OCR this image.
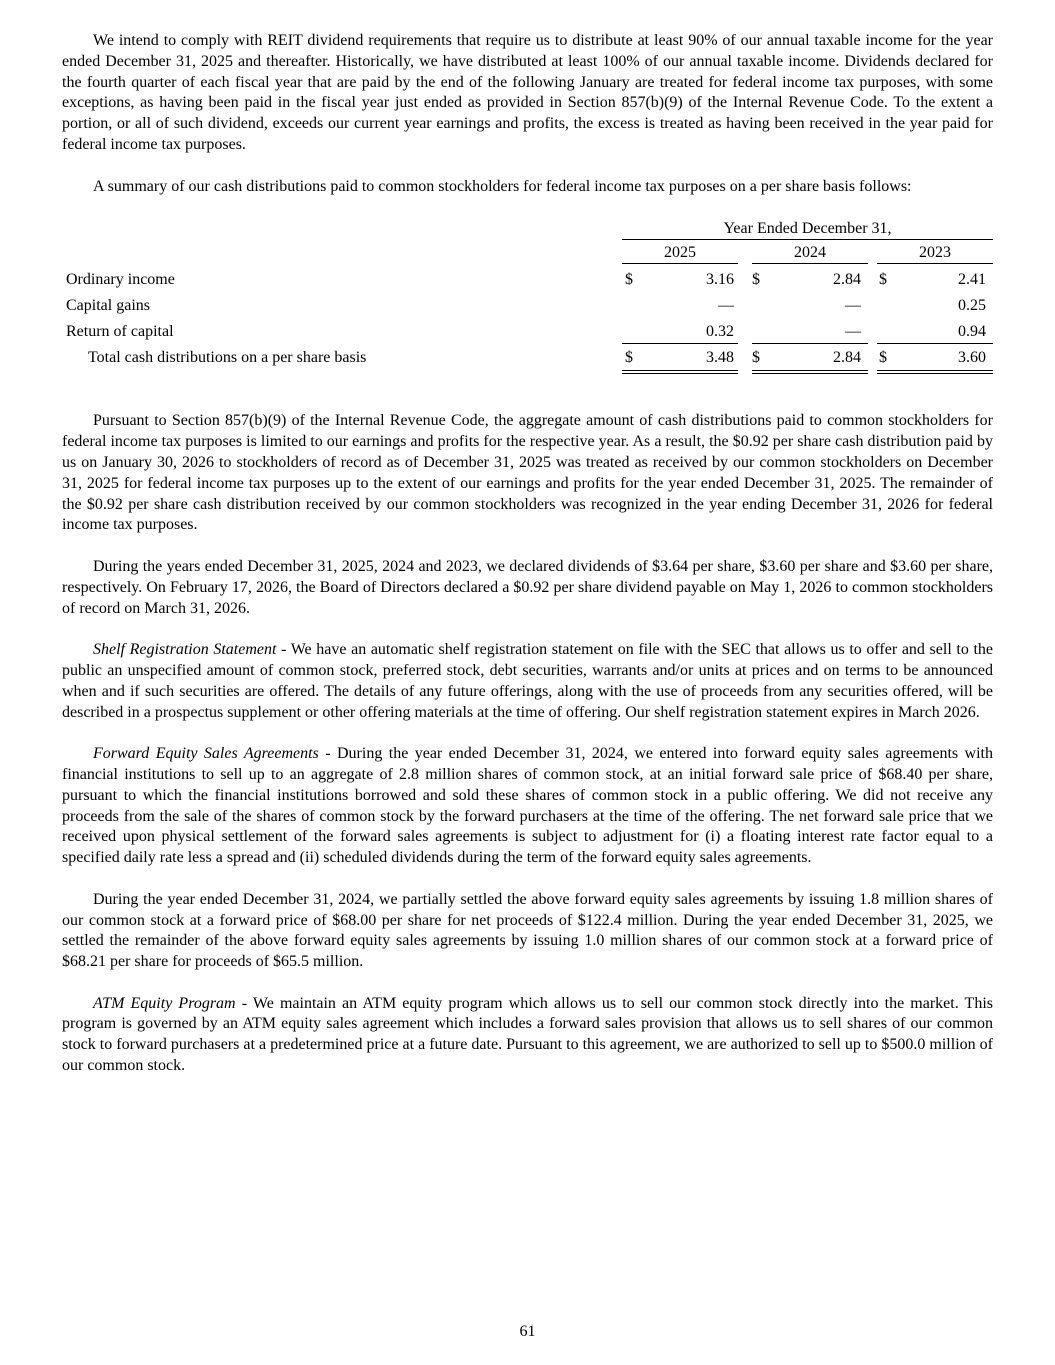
We intend to comply with REIT dividend requirements that require us to distribute at least 90% of our annual taxable income for the year ended December 31, 2025 and thereafter. Historically, we have distributed at least 100% of our annual taxable income. Dividends declared for the fourth quarter of each fiscal year that are paid by the end of the following January are treated for federal income tax purposes, with some exceptions, as having been paid in the fiscal year just ended as provided in Section 857(b)(9) of the Internal Revenue Code. To the extent a portion, or all of such dividend, exceeds our current year earnings and profits, the excess is treated as having been received in the year paid for federal income tax purposes.

A summary of our cash distributions paid to common stockholders for federal income tax purposes on a per share basis follows:

Year Ended December 31,
2025	2024	2023
Ordinary income	$	3.16 $	2.84 $	2.41
Capital gains	—	—	0.25
Return of capital	0.32	—	0.94
Total cash distributions on a per share basis	$	3.48 $	2.84 $	3.60

Pursuant to Section 857(b)(9) of the Internal Revenue Code, the aggregate amount of cash distributions paid to common stockholders for federal income tax purposes is limited to our earnings and profits for the respective year. As a result, the $0.92 per share cash distribution paid by us on January 30, 2026 to stockholders of record as of December 31, 2025 was treated as received by our common stockholders on December 31, 2025 for federal income tax purposes up to the extent of our earnings and profits for the year ended December 31, 2025. The remainder of the $0.92 per share cash distribution received by our common stockholders was recognized in the year ending December 31, 2026 for federal income tax purposes.

During the years ended December 31, 2025, 2024 and 2023, we declared dividends of $3.64 per share, $3.60 per share and $3.60 per share, respectively. On February 17, 2026, the Board of Directors declared a $0.92 per share dividend payable on May 1, 2026 to common stockholders of record on March 31, 2026.

Shelf Registration Statement - We have an automatic shelf registration statement on file with the SEC that allows us to offer and sell to the public an unspecified amount of common stock, preferred stock, debt securities, warrants and/or units at prices and on terms to be announced when and if such securities are offered. The details of any future offerings, along with the use of proceeds from any securities offered, will be described in a prospectus supplement or other offering materials at the time of offering. Our shelf registration statement expires in March 2026.

Forward Equity Sales Agreements - During the year ended December 31, 2024, we entered into forward equity sales agreements with financial institutions to sell up to an aggregate of 2.8 million shares of common stock, at an initial forward sale price of $68.40 per share, pursuant to which the financial institutions borrowed and sold these shares of common stock in a public offering. We did not receive any proceeds from the sale of the shares of common stock by the forward purchasers at the time of the offering. The net forward sale price that we received upon physical settlement of the forward sales agreements is subject to adjustment for (i) a floating interest rate factor equal to a specified daily rate less a spread and (ii) scheduled dividends during the term of the forward equity sales agreements.

During the year ended December 31, 2024, we partially settled the above forward equity sales agreements by issuing 1.8 million shares of our common stock at a forward price of $68.00 per share for net proceeds of $122.4 million. During the year ended December 31, 2025, we settled the remainder of the above forward equity sales agreements by issuing 1.0 million shares of our common stock at a forward price of $68.21 per share for proceeds of $65.5 million.

ATM Equity Program - We maintain an ATM equity program which allows us to sell our common stock directly into the market. This program is governed by an ATM equity sales agreement which includes a forward sales provision that allows us to sell shares of our common stock to forward purchasers at a predetermined price at a future date. Pursuant to this agreement, we are authorized to sell up to $500.0 million of our common stock.

61
